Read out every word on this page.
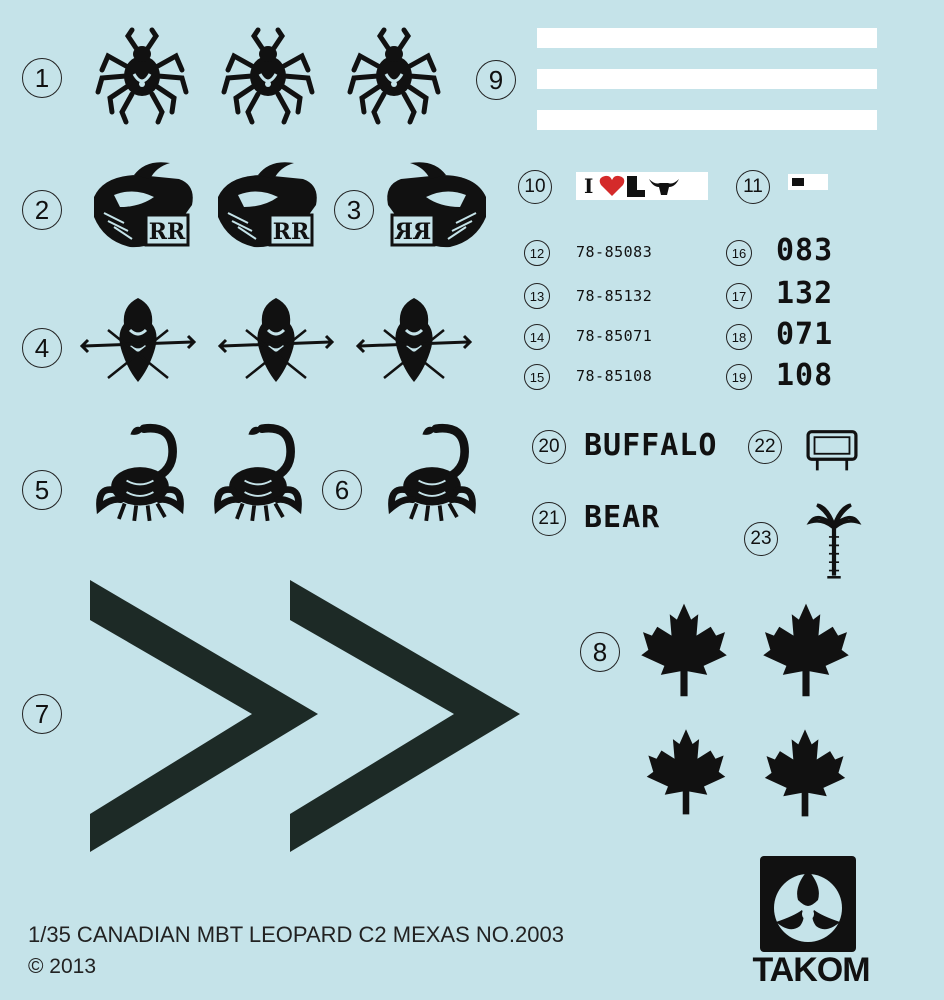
1	9
2	3
10	I	11
12	78-85083
13	78-85132
14	78-85071
15	78-85108
16 083
17 132
18 071
19 108
4
5	6
20 BUFFALO
21 BEAR
22
23
7
8
1/35 CANADIAN MBT LEOPARD C2 MEXAS NO.2003
© 2013	TAKOM
